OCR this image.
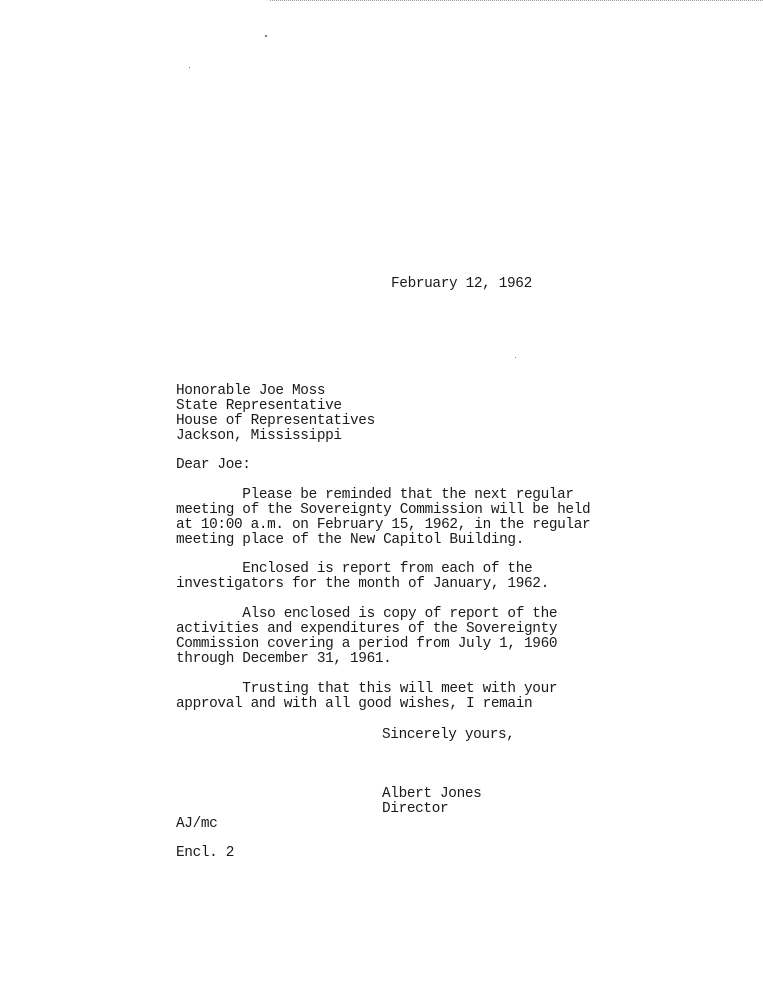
February 12, 1962
Honorable Joe Moss
State Representative
House of Representatives
Jackson, Mississippi
Dear Joe:
Please be reminded that the next regular
meeting of the Sovereignty Commission will be held
at 10:00 a.m. on February 15, 1962, in the regular
meeting place of the New Capitol Building.
Enclosed is report from each of the
investigators for the month of January, 1962.
Also enclosed is copy of report of the
activities and expenditures of the Sovereignty
Commission covering a period from July 1, 1960
through December 31, 1961.
Trusting that this will meet with your
approval and with all good wishes, I remain
Sincerely yours,
Albert Jones
Director
AJ/mc
Encl. 2
